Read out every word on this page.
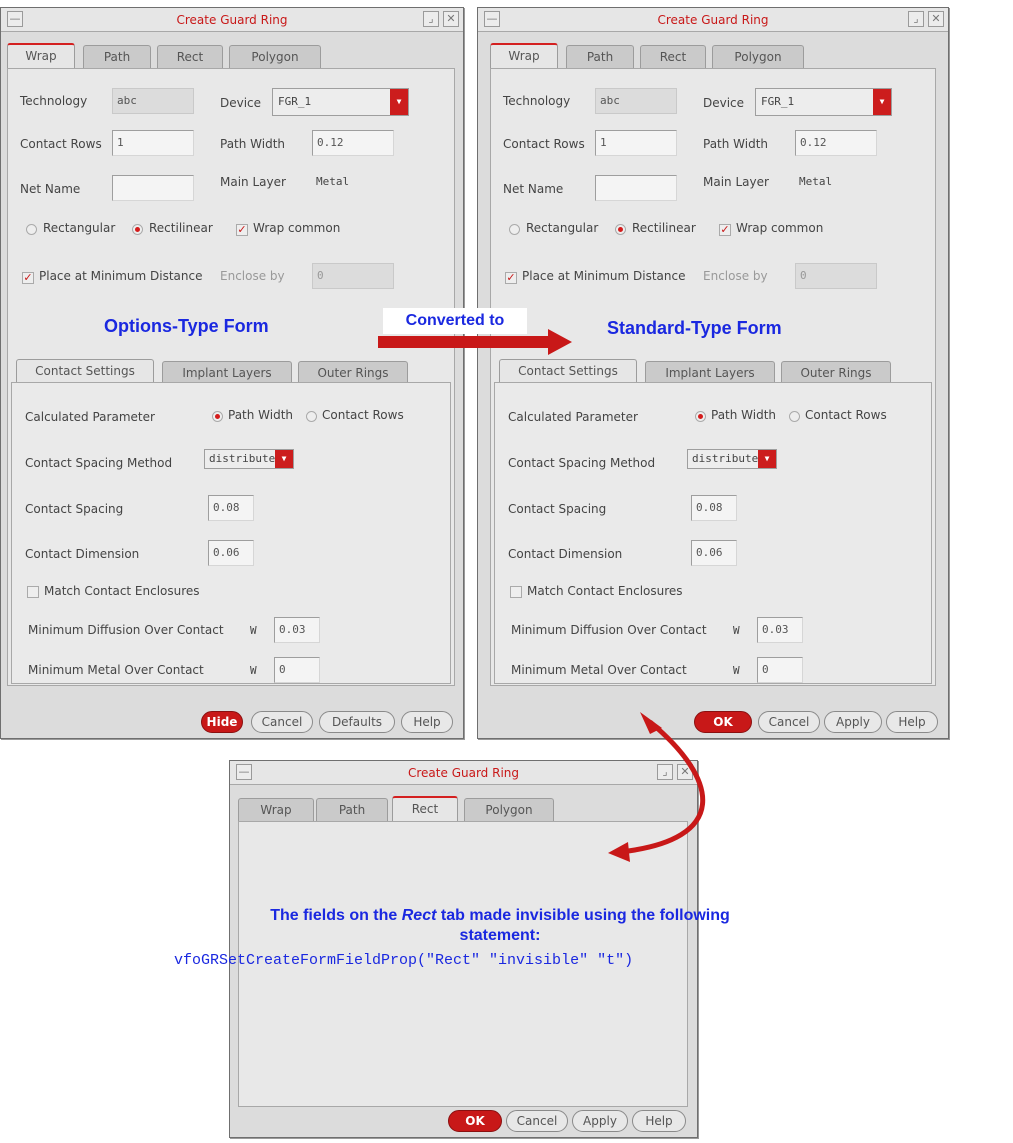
—	Create Guard Ring	⌟	✕
Wrap	Path	Rect	Polygon
Technology	abc	Device	FGR_1	▼
Contact Rows	1	Path Width	0.12
Net Name	Main Layer	Metal
Rectangular	Rectilinear ✓ Wrap common
✓ Place at Minimum Distance Enclose by	0
Options-Type Form
Contact Settings	Implant Layers	Outer Rings
Calculated Parameter	Path Width Contact Rows
Contact Spacing Method	distribute ▼
Contact Spacing	0.08
Contact Dimension	0.06
Match Contact Enclosures
Minimum Diffusion Over Contact W	0.03
Minimum Metal Over Contact	W	0
Hide	Cancel	Defaults	Help
—	Create Guard Ring	⌟	✕
Wrap	Path	Rect	Polygon
Technology	abc	Device	FGR_1	▼
Contact Rows	1	Path Width	0.12
Net Name	Main Layer	Metal
Rectangular	Rectilinear ✓ Wrap common
✓ Place at Minimum Distance Enclose by	0
Standard-Type Form
Contact Settings	Implant Layers	Outer Rings
Calculated Parameter	Path Width Contact Rows
Contact Spacing Method	distribute ▼
Contact Spacing	0.08
Contact Dimension	0.06
Match Contact Enclosures
Minimum Diffusion Over Contact W	0.03
Minimum Metal Over Contact	W	0
OK	Cancel	Apply	Help
—	Create Guard Ring	⌟	✕
Wrap	Path	Rect	Polygon
OK	Cancel	Apply	Help
Converted to
The fields on the Rect tab made invisible using the following
statement:
vfoGRSetCreateFormFieldProp("Rect" "invisible" "t")
